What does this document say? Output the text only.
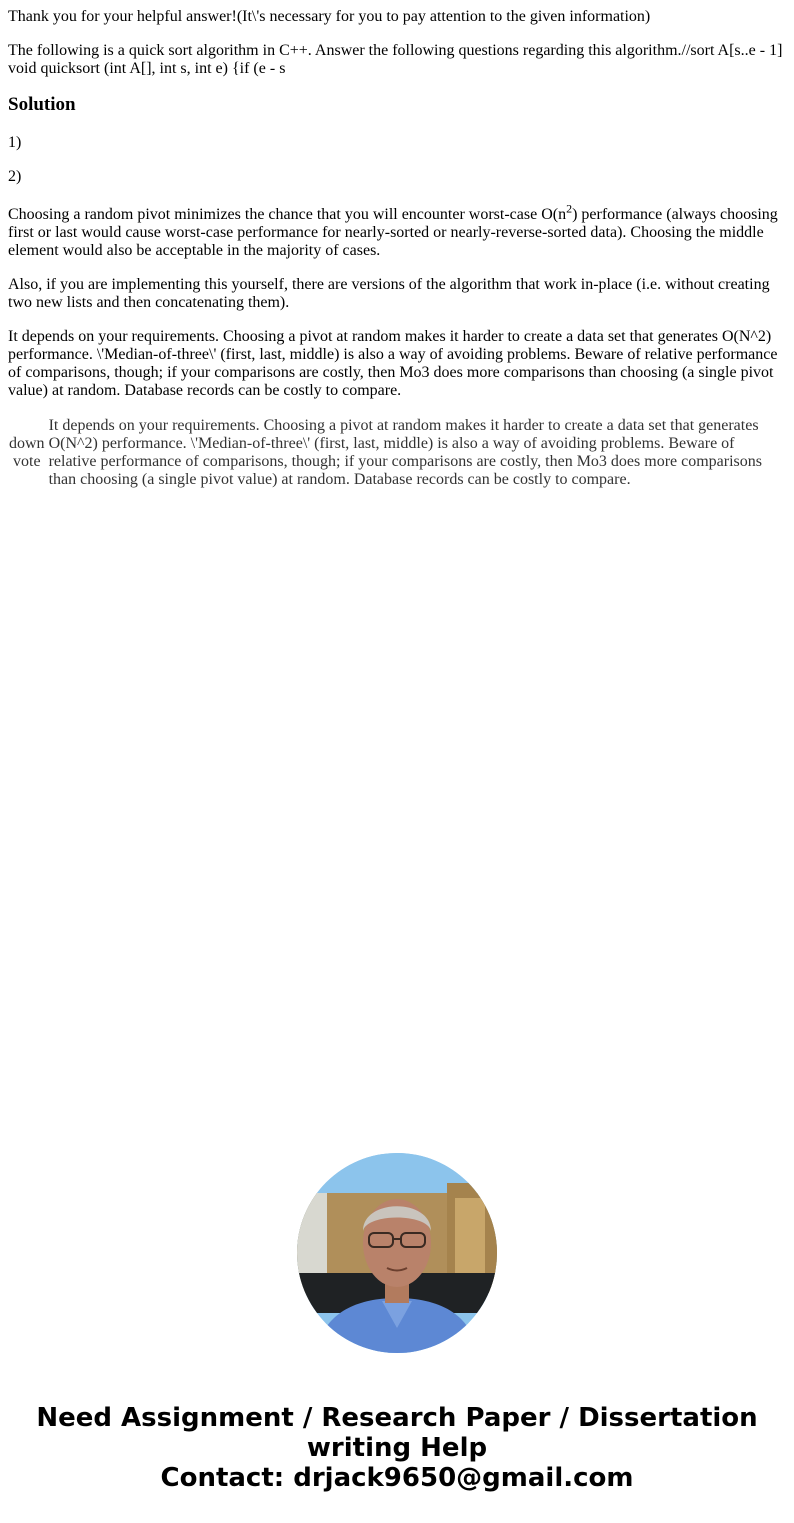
Thank you for your helpful answer!(It\'s necessary for you to pay attention to the given information)

The following is a quick sort algorithm in C++. Answer the following questions regarding this algorithm.//sort A[s..e - 1] void quicksort (int A[], int s, int e) {if (e - s

Solution

1)

2)

Choosing a random pivot minimizes the chance that you will encounter worst-case $O(n^2)$ performance (always choosing first or last would cause worst-case performance for nearly-sorted or nearly-reverse-sorted data). Choosing the middle element would also be acceptable in the majority of cases.

Also, if you are implementing this yourself, there are versions of the algorithm that work in-place (i.e. without creating two new lists and then concatenating them).

It depends on your requirements. Choosing a pivot at random makes it harder to create a data set that generates O(N^2) performance. \'Median-of-three\' (first, last, middle) is also a way of avoiding problems. Beware of relative performance of comparisons, though; if your comparisons are costly, then Mo3 does more comparisons than choosing (a single pivot value) at random. Database records can be costly to compare.

down
vote	It depends on your requirements. Choosing a pivot at random makes it harder to create a data set that generates O(N^2) performance. \'Median-of-three\' (first, last, middle) is also a way of avoiding problems. Beware of relative performance of comparisons, though; if your comparisons are costly, then Mo3 does more comparisons than choosing (a single pivot value) at random. Database records can be costly to compare.
Need Assignment / Research Paper / Dissertation
writing Help
Contact: drjack9650@gmail.com
